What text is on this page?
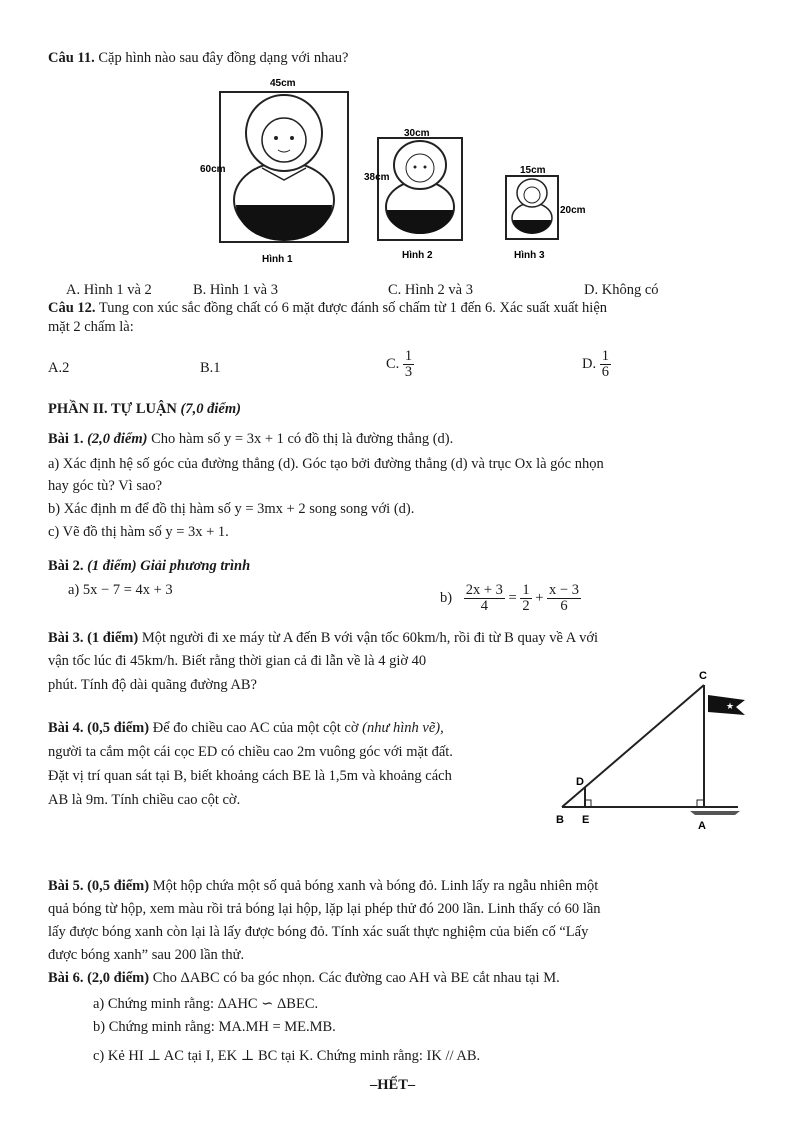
Câu 11. Cặp hình nào sau đây đồng dạng với nhau?
45cm
60cm
Hình 1
30cm
38cm
Hình 2
15cm
20cm
Hình 3
A. Hình 1 và 2	B. Hình 1 và 3	C. Hình 2 và 3	D. Không có
Câu 12. Tung con xúc sắc đồng chất có 6 mặt được đánh số chấm từ 1 đến 6. Xác suất xuất hiện
mặt 2 chấm là:
A.2	B.1	C. $\frac{1}{3}$	D. $\frac{1}{6}$
PHẦN II. TỰ LUẬN (7,0 điểm)
Bài 1. (2,0 điểm) Cho hàm số y = 3x + 1 có đồ thị là đường thẳng (d).
a) Xác định hệ số góc của đường thẳng (d). Góc tạo bởi đường thẳng (d) và trục Ox là góc nhọn
hay góc tù? Vì sao?
b) Xác định m để đồ thị hàm số y = 3mx + 2 song song với (d).
c) Vẽ đồ thị hàm số y = 3x + 1.
Bài 2. (1 điểm) Giải phương trình
a) 5x − 7 = 4x + 3
$b) \frac{2x + 3}{4} = \frac{1}{2} + \frac{x - 3}{6}$
Bài 3. (1 điểm) Một người đi xe máy từ A đến B với vận tốc 60km/h, rồi đi từ B quay về A với
vận tốc lúc đi 45km/h. Biết rằng thời gian cả đi lẫn về là 4 giờ 40
phút. Tính độ dài quãng đường AB?
Bài 4. (0,5 điểm) Để đo chiều cao AC của một cột cờ (như hình vẽ),
người ta cắm một cái cọc ED có chiều cao 2m vuông góc với mặt đất.
Đặt vị trí quan sát tại B, biết khoảng cách BE là 1,5m và khoảng cách
AB là 9m. Tính chiều cao cột cờ.
★
C
D
B E	A
Bài 5. (0,5 điểm) Một hộp chứa một số quả bóng xanh và bóng đỏ. Linh lấy ra ngẫu nhiên một
quả bóng từ hộp, xem màu rồi trả bóng lại hộp, lặp lại phép thử đó 200 lần. Linh thấy có 60 lần
lấy được bóng xanh còn lại là lấy được bóng đỏ. Tính xác suất thực nghiệm của biến cố “Lấy
được bóng xanh” sau 200 lần thử.
Bài 6. (2,0 điểm) Cho ΔABC có ba góc nhọn. Các đường cao AH và BE cắt nhau tại M.
a) Chứng minh rằng: ΔAHC ∽ ΔBEC.
b) Chứng minh rằng: MA.MH = ME.MB.
c) Kẻ HI ⊥ AC tại I, EK ⊥ BC tại K. Chứng minh rằng: IK // AB.
–HẾT–
